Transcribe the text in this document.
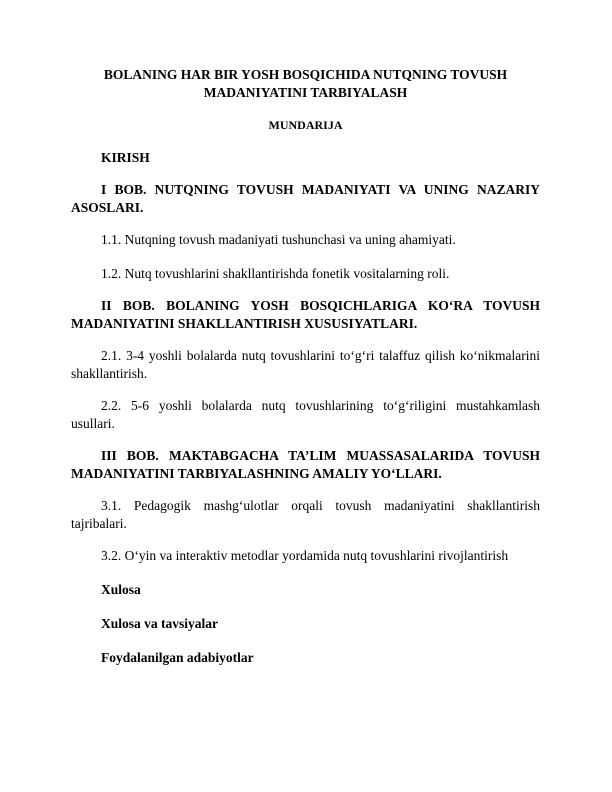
BOLANING HAR BIR YOSH BOSQICHIDA NUTQNING TOVUSH
MADANIYATINI TARBIYALASH

MUNDARIJA

KIRISH

I BOB. NUTQNING TOVUSH MADANIYATI VA UNING NAZARIY ASOSLARI.

1.1. Nutqning tovush madaniyati tushunchasi va uning ahamiyati.

1.2. Nutq tovushlarini shakllantirishda fonetik vositalarning roli.

II BOB. BOLANING YOSH BOSQICHLARIGA KO‘RA TOVUSH MADANIYATINI SHAKLLANTIRISH XUSUSIYATLARI.

2.1. 3-4 yoshli bolalarda nutq tovushlarini to‘g‘ri talaffuz qilish ko‘nikmalarini shakllantirish.

2.2. 5-6 yoshli bolalarda nutq tovushlarining to‘g‘riligini mustahkamlash usullari.

III BOB. MAKTABGACHA TA’LIM MUASSASALARIDA TOVUSH MADANIYATINI TARBIYALASHNING AMALIY YO‘LLARI.

3.1. Pedagogik mashg‘ulotlar orqali tovush madaniyatini shakllantirish tajribalari.

3.2. O‘yin va interaktiv metodlar yordamida nutq tovushlarini rivojlantirish

Xulosa

Xulosa va tavsiyalar

Foydalanilgan adabiyotlar
